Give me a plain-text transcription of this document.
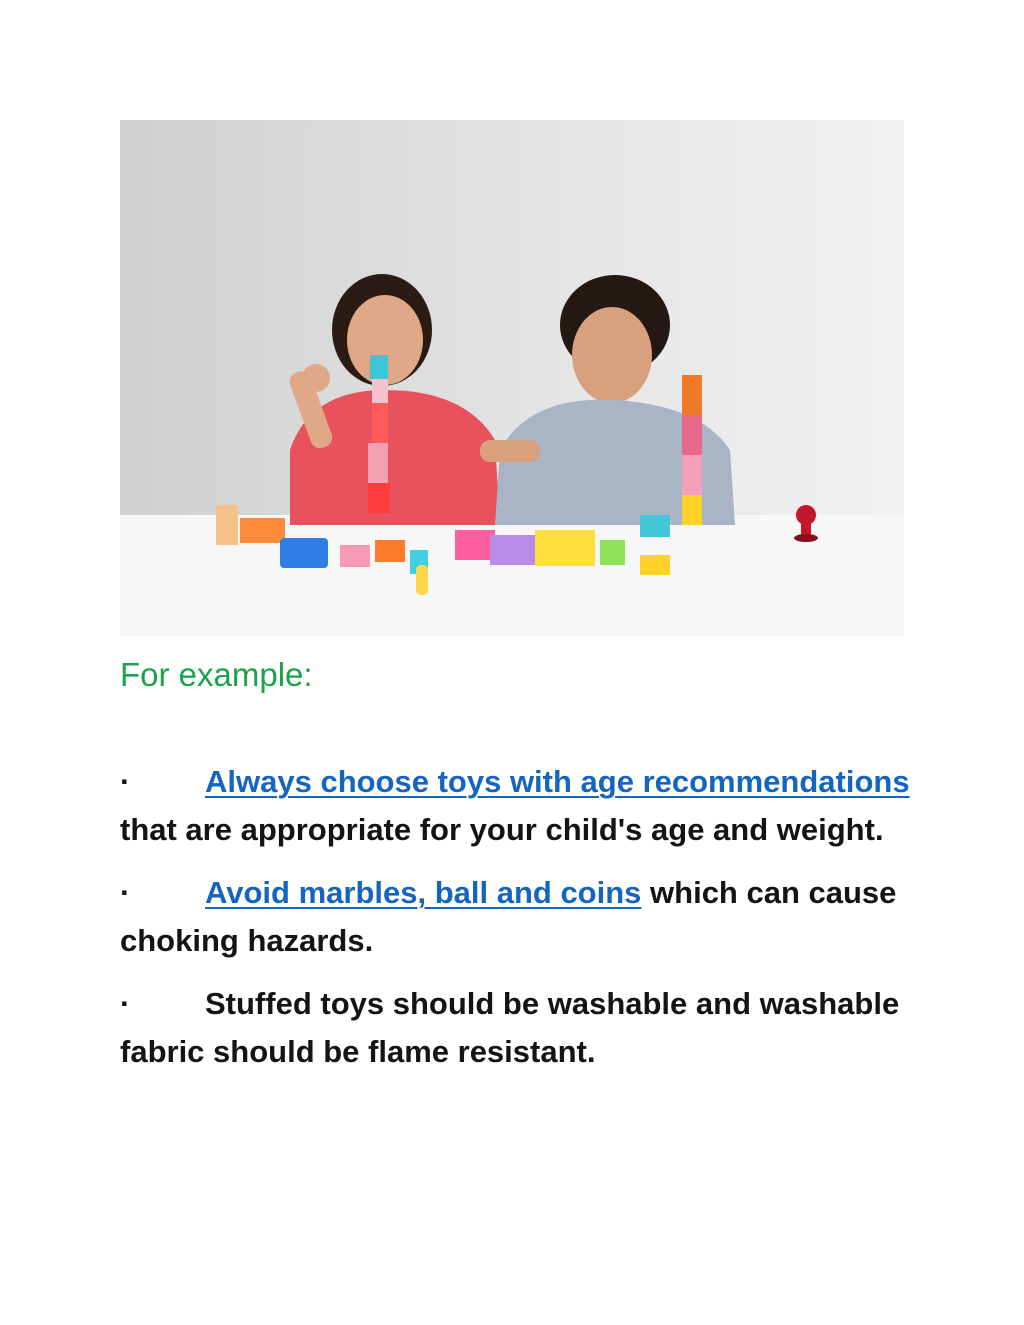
For example:
· Always choose toys with age recommendations that are appropriate for your child's age and weight.
· Avoid marbles, ball and coins which can cause choking hazards.
· Stuffed toys should be washable and washable fabric should be flame resistant.
